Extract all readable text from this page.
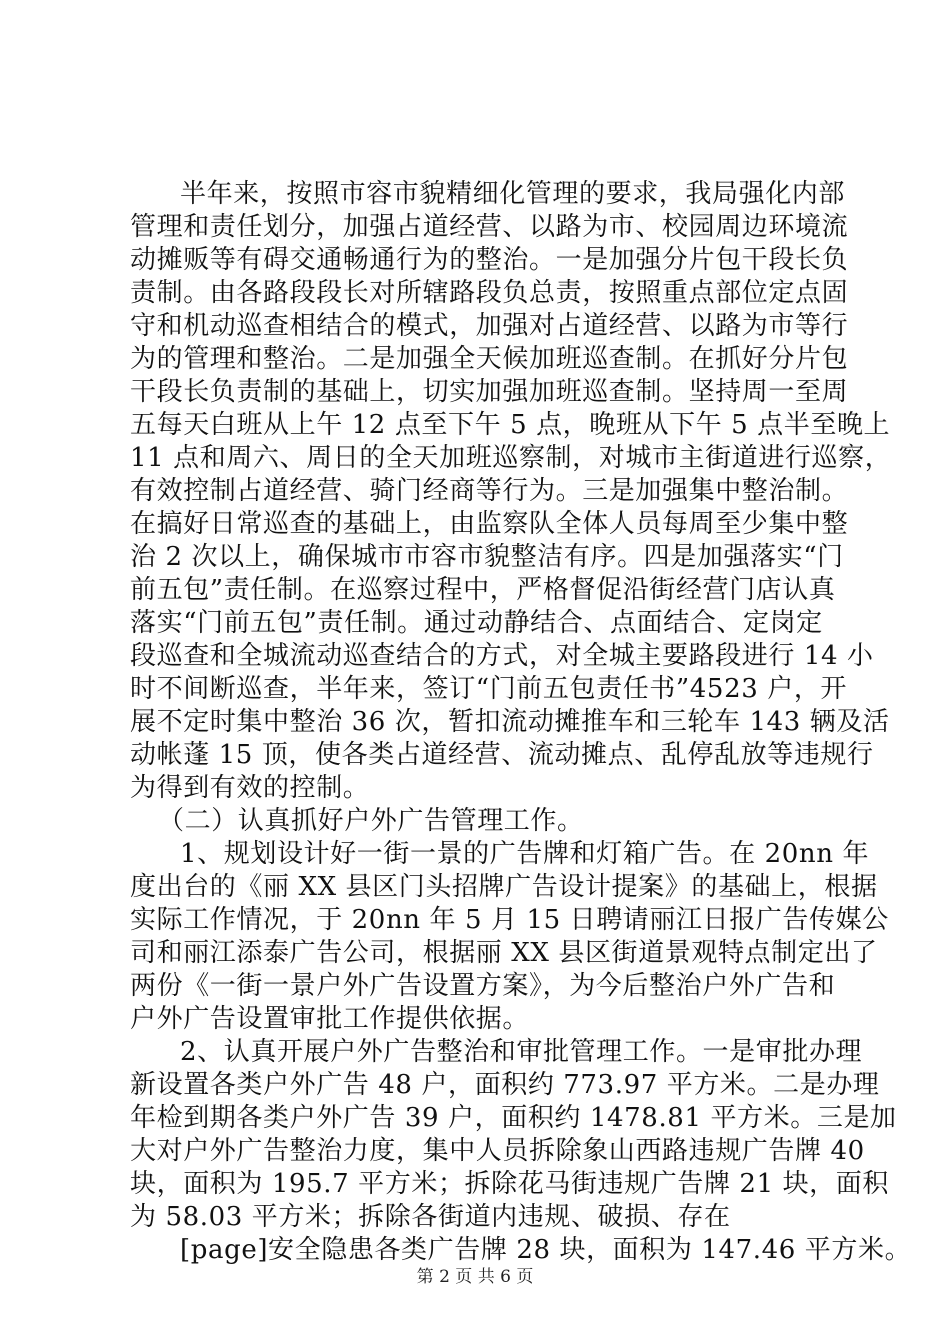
半年来，按照市容市貌精细化管理的要求，我局强化内部
管理和责任划分，加强占道经营、以路为市、校园周边环境流
动摊贩等有碍交通畅通行为的整治。一是加强分片包干段长负
责制。由各路段段长对所辖路段负总责，按照重点部位定点固
守和机动巡查相结合的模式，加强对占道经营、以路为市等行
为的管理和整治。二是加强全天候加班巡查制。在抓好分片包
干段长负责制的基础上，切实加强加班巡查制。坚持周一至周
五每天白班从上午 12 点至下午 5 点，晚班从下午 5 点半至晚上
11 点和周六、周日的全天加班巡察制，对城市主街道进行巡察，
有效控制占道经营、骑门经商等行为。三是加强集中整治制。
在搞好日常巡查的基础上，由监察队全体人员每周至少集中整
治 2 次以上，确保城市市容市貌整洁有序。四是加强落实“门
前五包”责任制。在巡察过程中，严格督促沿街经营门店认真
落实“门前五包”责任制。通过动静结合、点面结合、定岗定
段巡查和全城流动巡查结合的方式，对全城主要路段进行 14 小
时不间断巡查，半年来，签订“门前五包责任书”4523 户，开
展不定时集中整治 36 次，暂扣流动摊推车和三轮车 143 辆及活
动帐蓬 15 顶，使各类占道经营、流动摊点、乱停乱放等违规行
为得到有效的控制。
（二）认真抓好户外广告管理工作。
1、规划设计好一街一景的广告牌和灯箱广告。在 20nn 年
度出台的《丽 XX 县区门头招牌广告设计提案》的基础上，根据
实际工作情况，于 20nn 年 5 月 15 日聘请丽江日报广告传媒公
司和丽江添泰广告公司，根据丽 XX 县区街道景观特点制定出了
两份《一街一景户外广告设置方案》，为今后整治户外广告和
户外广告设置审批工作提供依据。
2、认真开展户外广告整治和审批管理工作。一是审批办理
新设置各类户外广告 48 户，面积约 773.97 平方米。二是办理
年检到期各类户外广告 39 户，面积约 1478.81 平方米。三是加
大对户外广告整治力度，集中人员拆除象山西路违规广告牌 40
块，面积为 195.7 平方米；拆除花马街违规广告牌 21 块，面积
为 58.03 平方米；拆除各街道内违规、破损、存在
[page]安全隐患各类广告牌 28 块，面积为 147.46 平方米。
第 2 页 共 6 页
